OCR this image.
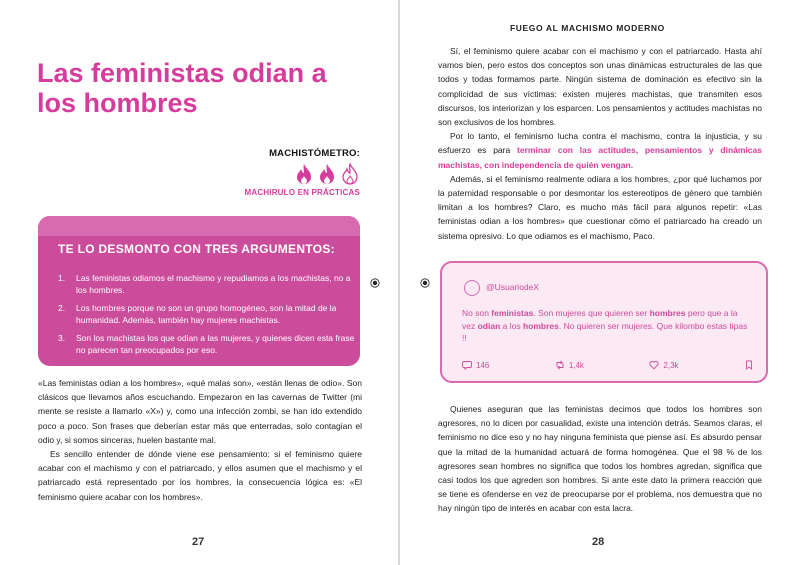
Las feministas odian a los hombres
MACHISTÓMETRO:
MACHIRULO EN PRÁCTICAS
TE LO DESMONTO CON TRES ARGUMENTOS:
1.	Las feministas odiamos el machismo y repudiamos a los machistas, no a los hombres.
2.	Los hombres porque no son un grupo homogéneo, son la mitad de la humanidad. Además, también hay mujeres machistas.
3.	Son los machistas los que odian a las mujeres, y quienes dicen esta frase no parecen tan preocupados por eso.

«Las feministas odian a los hombres», «qué malas son», «están llenas de odio». Son clásicos que llevamos años escuchando. Empezaron en las cavernas de Twitter (mi mente se resiste a llamarlo «X») y, como una infección zombi, se han ido extendido poco a poco. Son frases que deberían estar más que enterradas, solo contagian el odio y, si somos sinceras, huelen bastante mal.

Es sencillo entender de dónde viene ese pensamiento: si el feminismo quiere acabar con el machismo y con el patriarcado, y ellos asumen que el machismo y el patriarcado está representado por los hombres, la consecuencia lógica es: «El feminismo quiere acabar con los hombres».

27
FUEGO AL MACHISMO MODERNO

Sí, el feminismo quiere acabar con el machismo y con el patriarcado. Hasta ahí vamos bien, pero estos dos conceptos son unas dinámicas estructurales de las que todos y todas formamos parte. Ningún sistema de dominación es efectivo sin la complicidad de sus víctimas: existen mujeres machistas, que transmiten esos discursos, los interiorizan y los esparcen. Los pensamientos y actitudes machistas no son exclusivos de los hombres.

Por lo tanto, el feminismo lucha contra el machismo, contra la injusticia, y su esfuerzo es para terminar con las actitudes, pensamientos y dinámicas machistas, con independencia de quién vengan.

Además, si el feminismo realmente odiara a los hombres, ¿por qué luchamos por la paternidad responsable o por desmontar los estereotipos de género que también limitan a los hombres? Claro, es mucho más fácil para algunos repetir: «Las feministas odian a los hombres» que cuestionar cómo el patriarcado ha creado un sistema opresivo. Lo que odiamos es el machismo, Paco.

@UsuariodeX
No son feministas. Son mujeres que quieren ser hombres pero que a la vez odian a los hombres. No quieren ser mujeres. Que kilombo estas tipas !!
146	1,4k	2,3k

Quienes aseguran que las feministas decimos que todos los hombres son agresores, no lo dicen por casualidad, existe una intención detrás. Seamos claras, el feminismo no dice eso y no hay ninguna feminista que piense así. Es absurdo pensar que la mitad de la humanidad actuará de forma homogénea. Que el 98 % de los agresores sean hombres no significa que todos los hombres agredan, significa que casi todos los que agreden son hombres. Si ante este dato la primera reacción que se tiene es ofenderse en vez de preocuparse por el problema, nos demuestra que no hay ningún tipo de interés en acabar con esta lacra.

28
